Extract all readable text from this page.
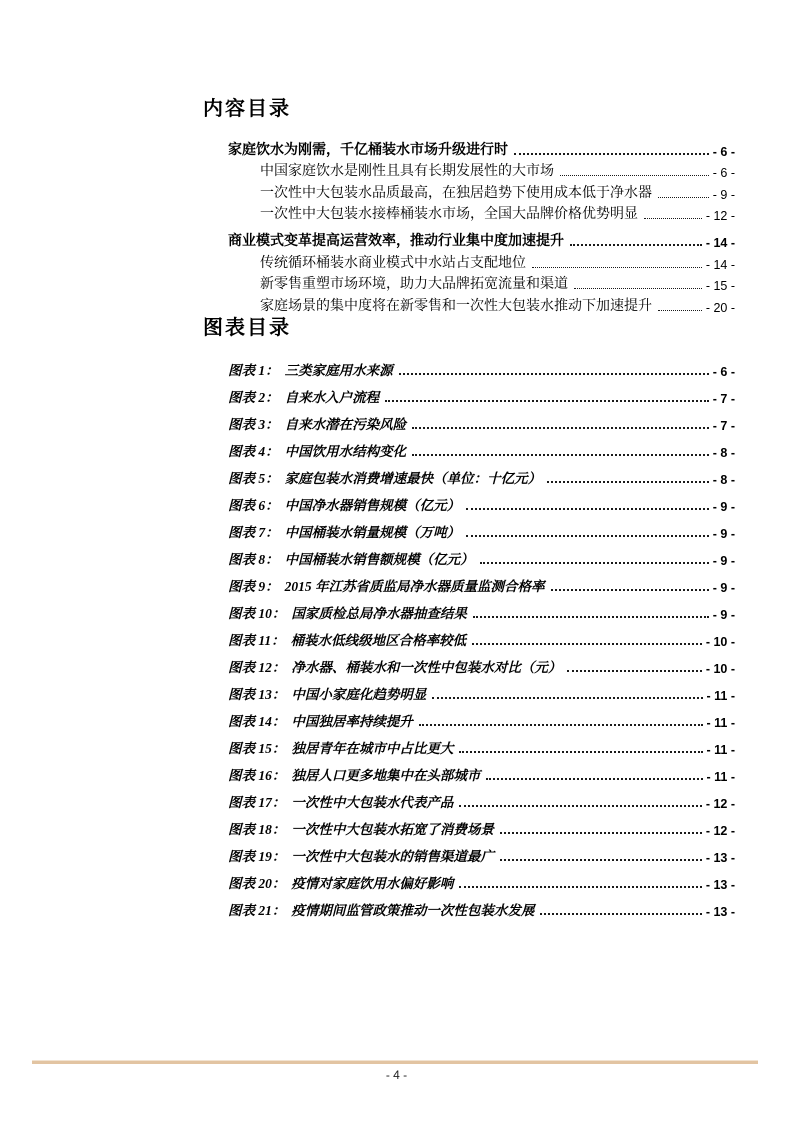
内容目录
家庭饮水为刚需，千亿桶装水市场升级进行时	- 6 -
中国家庭饮水是刚性且具有长期发展性的大市场	- 6 -
一次性中大包装水品质最高，在独居趋势下使用成本低于净水器	- 9 -
一次性中大包装水接棒桶装水市场，全国大品牌价格优势明显	- 12 -
商业模式变革提高运营效率，推动行业集中度加速提升	- 14 -
传统循环桶装水商业模式中水站占支配地位	- 14 -
新零售重塑市场环境，助力大品牌拓宽流量和渠道	- 15 -
家庭场景的集中度将在新零售和一次性大包装水推动下加速提升	- 20 -
图表目录
图表 1： 三类家庭用水来源	- 6 -
图表 2： 自来水入户流程	- 7 -
图表 3： 自来水潜在污染风险	- 7 -
图表 4： 中国饮用水结构变化	- 8 -
图表 5： 家庭包装水消费增速最快（单位：十亿元）	- 8 -
图表 6： 中国净水器销售规模（亿元）	- 9 -
图表 7： 中国桶装水销量规模（万吨）	- 9 -
图表 8： 中国桶装水销售额规模（亿元）	- 9 -
图表 9： 2015 年江苏省质监局净水器质量监测合格率	- 9 -
图表 10： 国家质检总局净水器抽查结果	- 9 -
图表 11： 桶装水低线级地区合格率较低	- 10 -
图表 12： 净水器、桶装水和一次性中包装水对比（元）	- 10 -
图表 13： 中国小家庭化趋势明显	- 11 -
图表 14： 中国独居率持续提升	- 11 -
图表 15： 独居青年在城市中占比更大	- 11 -
图表 16： 独居人口更多地集中在头部城市	- 11 -
图表 17： 一次性中大包装水代表产品	- 12 -
图表 18： 一次性中大包装水拓宽了消费场景	- 12 -
图表 19： 一次性中大包装水的销售渠道最广	- 13 -
图表 20： 疫情对家庭饮用水偏好影响	- 13 -
图表 21： 疫情期间监管政策推动一次性包装水发展	- 13 -
- 4 -
